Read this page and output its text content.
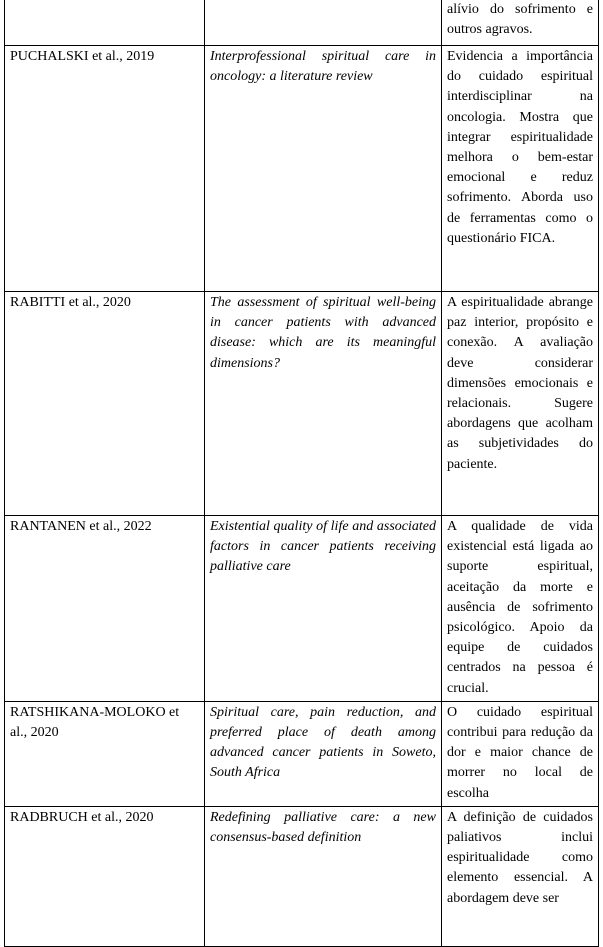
		alívio do sofrimento e outros agravos.
PUCHALSKI et al., 2019	Interprofessional spiritual care in oncology: a literature review	Evidencia a importância do cuidado espiritual interdisciplinar na oncologia. Mostra que integrar espiritualidade melhora o bem-estar emocional e reduz sofrimento. Aborda uso de ferramentas como o questionário FICA.
RABITTI et al., 2020	The assessment of spiritual well-being in cancer patients with advanced disease: which are its meaningful dimensions?	A espiritualidade abrange paz interior, propósito e conexão. A avaliação deve considerar dimensões emocionais e relacionais. Sugere abordagens que acolham as subjetividades do paciente.
RANTANEN et al., 2022	Existential quality of life and associated factors in cancer patients receiving palliative care	A qualidade de vida existencial está ligada ao suporte espiritual, aceitação da morte e ausência de sofrimento psicológico. Apoio da equipe de cuidados centrados na pessoa é crucial.
RATSHIKANA-MOLOKO et al., 2020	Spiritual care, pain reduction, and preferred place of death among advanced cancer patients in Soweto, South Africa	O cuidado espiritual contribui para redução da dor e maior chance de morrer no local de escolha
RADBRUCH et al., 2020	Redefining palliative care: a new consensus-based definition	A definição de cuidados paliativos inclui espiritualidade como elemento essencial. A abordagem deve ser
